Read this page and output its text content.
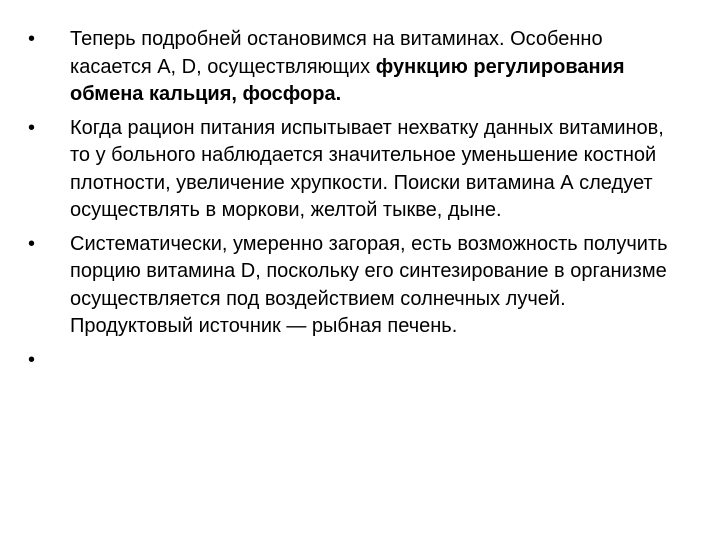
•	Теперь подробней остановимся на витаминах. Особенно касается А, D, осуществляющих функцию регулирования обмена кальция, фосфора.
•	Когда рацион питания испытывает нехватку данных витаминов, то у больного наблюдается значительное уменьшение костной плотности, увеличение хрупкости. Поиски витамина А следует осуществлять в моркови, желтой тыкве, дыне.
•	Систематически, умеренно загорая, есть возможность получить порцию витамина D, поскольку его синтезирование в организме осуществляется под воздействием солнечных лучей. Продуктовый источник — рыбная печень.
•
